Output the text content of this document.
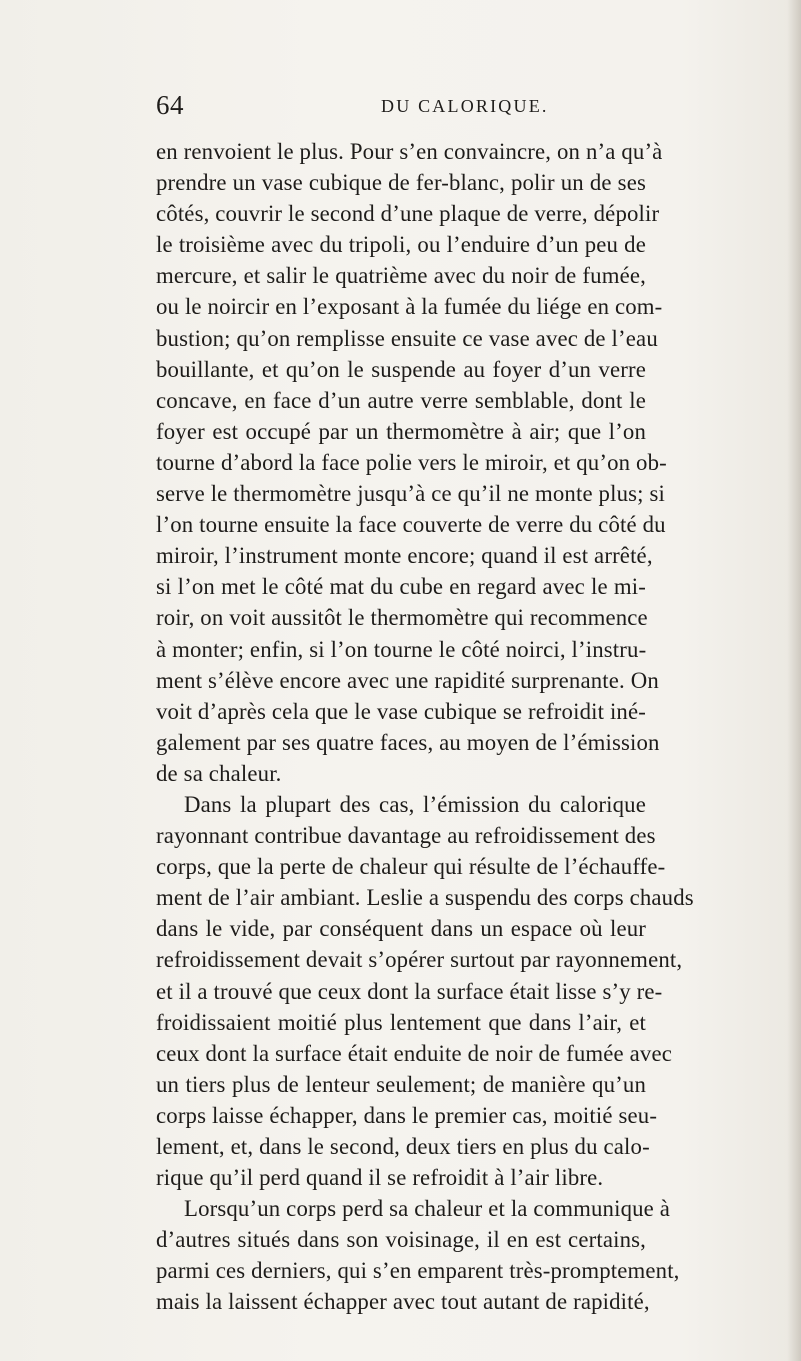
64	DU CALORIQUE.
en renvoient le plus. Pour s’en convaincre, on n’a qu’à
prendre un vase cubique de fer-blanc, polir un de ses
côtés, couvrir le second d’une plaque de verre, dépolir
le troisième avec du tripoli, ou l’enduire d’un peu de
mercure, et salir le quatrième avec du noir de fumée,
ou le noircir en l’exposant à la fumée du liége en com-
bustion; qu’on remplisse ensuite ce vase avec de l’eau
bouillante, et qu’on le suspende au foyer d’un verre
concave, en face d’un autre verre semblable, dont le
foyer est occupé par un thermomètre à air; que l’on
tourne d’abord la face polie vers le miroir, et qu’on ob-
serve le thermomètre jusqu’à ce qu’il ne monte plus; si
l’on tourne ensuite la face couverte de verre du côté du
miroir, l’instrument monte encore; quand il est arrêté,
si l’on met le côté mat du cube en regard avec le mi-
roir, on voit aussitôt le thermomètre qui recommence
à monter; enfin, si l’on tourne le côté noirci, l’instru-
ment s’élève encore avec une rapidité surprenante. On
voit d’après cela que le vase cubique se refroidit iné-
galement par ses quatre faces, au moyen de l’émission
de sa chaleur.
Dans la plupart des cas, l’émission du calorique
rayonnant contribue davantage au refroidissement des
corps, que la perte de chaleur qui résulte de l’échauffe-
ment de l’air ambiant. Leslie a suspendu des corps chauds
dans le vide, par conséquent dans un espace où leur
refroidissement devait s’opérer surtout par rayonnement,
et il a trouvé que ceux dont la surface était lisse s’y re-
froidissaient moitié plus lentement que dans l’air, et
ceux dont la surface était enduite de noir de fumée avec
un tiers plus de lenteur seulement; de manière qu’un
corps laisse échapper, dans le premier cas, moitié seu-
lement, et, dans le second, deux tiers en plus du calo-
rique qu’il perd quand il se refroidit à l’air libre.
Lorsqu’un corps perd sa chaleur et la communique à
d’autres situés dans son voisinage, il en est certains,
parmi ces derniers, qui s’en emparent très-promptement,
mais la laissent échapper avec tout autant de rapidité,
